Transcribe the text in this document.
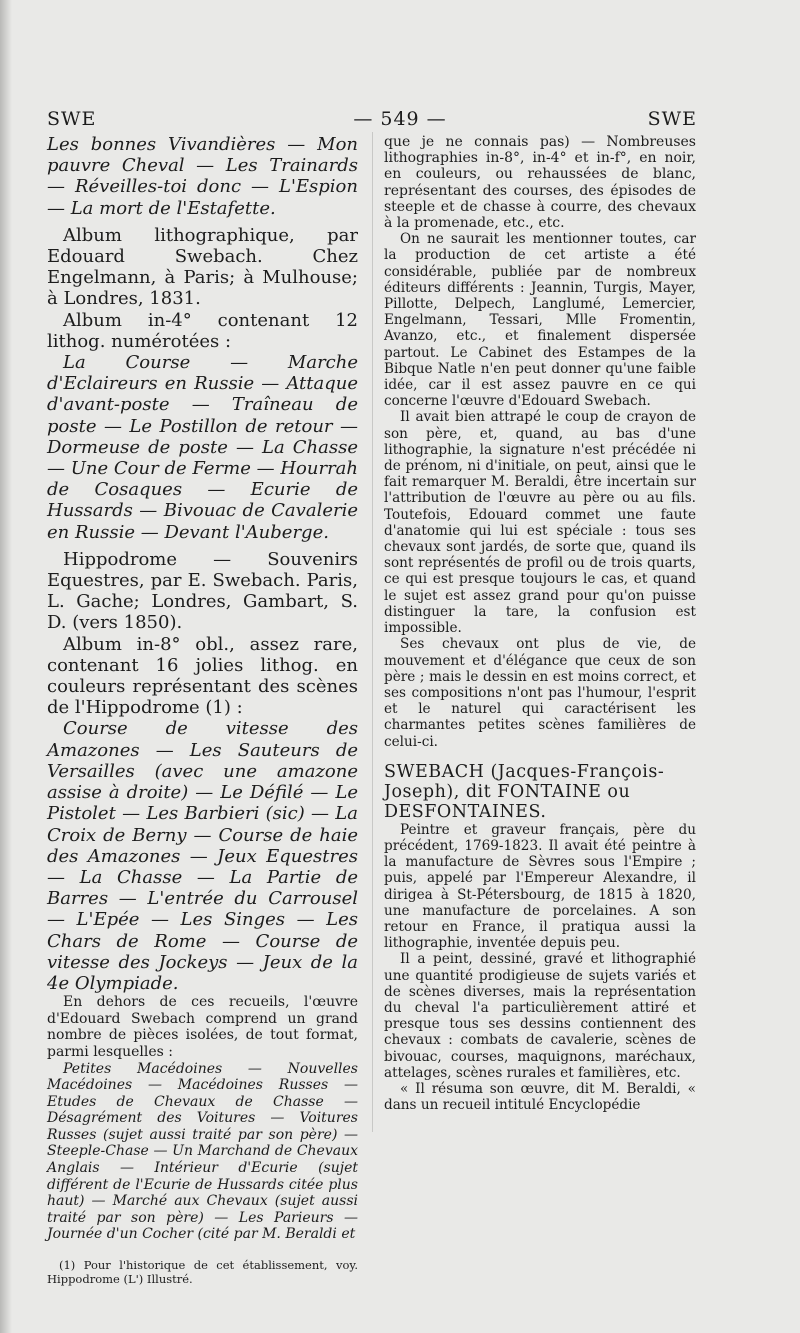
SWE	— 549 —	SWE

Les bonnes Vivandières — Mon pauvre Cheval — Les Trainards — Réveilles-toi donc — L'Espion — La mort de l'Estafette.

Album lithographique, par Edouard Swebach. Chez Engelmann, à Paris; à Mulhouse; à Londres, 1831.

Album in-4° contenant 12 lithog. numérotées :

La Course — Marche d'Eclaireurs en Russie — Attaque d'avant-poste — Traîneau de poste — Le Postillon de retour — Dormeuse de poste — La Chasse — Une Cour de Ferme — Hourrah de Cosaques — Ecurie de Hussards — Bivouac de Cavalerie en Russie — Devant l'Auberge.

Hippodrome — Souvenirs Equestres, par E. Swebach. Paris, L. Gache; Londres, Gambart, S. D. (vers 1850).

Album in-8° obl., assez rare, contenant 16 jolies lithog. en couleurs représentant des scènes de l'Hippodrome (1) :

Course de vitesse des Amazones — Les Sauteurs de Versailles (avec une amazone assise à droite) — Le Défilé — Le Pistolet — Les Barbieri (sic) — La Croix de Berny — Course de haie des Amazones — Jeux Equestres — La Chasse — La Partie de Barres — L'entrée du Carrousel — L'Epée — Les Singes — Les Chars de Rome — Course de vitesse des Jockeys — Jeux de la 4e Olympiade.

En dehors de ces recueils, l'œuvre d'Edouard Swebach comprend un grand nombre de pièces isolées, de tout format, parmi lesquelles :

Petites Macédoines — Nouvelles Macédoines — Macédoines Russes — Etudes de Chevaux de Chasse — Désagrément des Voitures — Voitures Russes (sujet aussi traité par son père) — Steeple-Chase — Un Marchand de Chevaux Anglais — Intérieur d'Ecurie (sujet différent de l'Ecurie de Hussards citée plus haut) — Marché aux Chevaux (sujet aussi traité par son père) — Les Parieurs — Journée d'un Cocher (cité par M. Beraldi et

(1) Pour l'historique de cet établissement, voy. Hippodrome (L') Illustré.

que je ne connais pas) — Nombreuses lithographies in-8°, in-4° et in-f°, en noir, en couleurs, ou rehaussées de blanc, représentant des courses, des épisodes de steeple et de chasse à courre, des chevaux à la promenade, etc., etc.

On ne saurait les mentionner toutes, car la production de cet artiste a été considérable, publiée par de nombreux éditeurs différents : Jeannin, Turgis, Mayer, Pillotte, Delpech, Langlumé, Lemercier, Engelmann, Tessari, Mlle Fromentin, Avanzo, etc., et finalement dispersée partout. Le Cabinet des Estampes de la Bibque Natle n'en peut donner qu'une faible idée, car il est assez pauvre en ce qui concerne l'œuvre d'Edouard Swebach.

Il avait bien attrapé le coup de crayon de son père, et, quand, au bas d'une lithographie, la signature n'est précédée ni de prénom, ni d'initiale, on peut, ainsi que le fait remarquer M. Beraldi, être incertain sur l'attribution de l'œuvre au père ou au fils. Toutefois, Edouard commet une faute d'anatomie qui lui est spéciale : tous ses chevaux sont jardés, de sorte que, quand ils sont représentés de profil ou de trois quarts, ce qui est presque toujours le cas, et quand le sujet est assez grand pour qu'on puisse distinguer la tare, la confusion est impossible.

Ses chevaux ont plus de vie, de mouvement et d'élégance que ceux de son père ; mais le dessin en est moins correct, et ses compositions n'ont pas l'humour, l'esprit et le naturel qui caractérisent les charmantes petites scènes familières de celui-ci.

SWEBACH (Jacques-François-Joseph), dit FONTAINE ou DESFONTAINES.

Peintre et graveur français, père du précédent, 1769-1823. Il avait été peintre à la manufacture de Sèvres sous l'Empire ; puis, appelé par l'Empereur Alexandre, il dirigea à St-Pétersbourg, de 1815 à 1820, une manufacture de porcelaines. A son retour en France, il pratiqua aussi la lithographie, inventée depuis peu.

Il a peint, dessiné, gravé et lithographié une quantité prodigieuse de sujets variés et de scènes diverses, mais la représentation du cheval l'a particulièrement attiré et presque tous ses dessins contiennent des chevaux : combats de cavalerie, scènes de bivouac, courses, maquignons, maréchaux, attelages, scènes rurales et familières, etc.

« Il résuma son œuvre, dit M. Beraldi, « dans un recueil intitulé Encyclopédie
